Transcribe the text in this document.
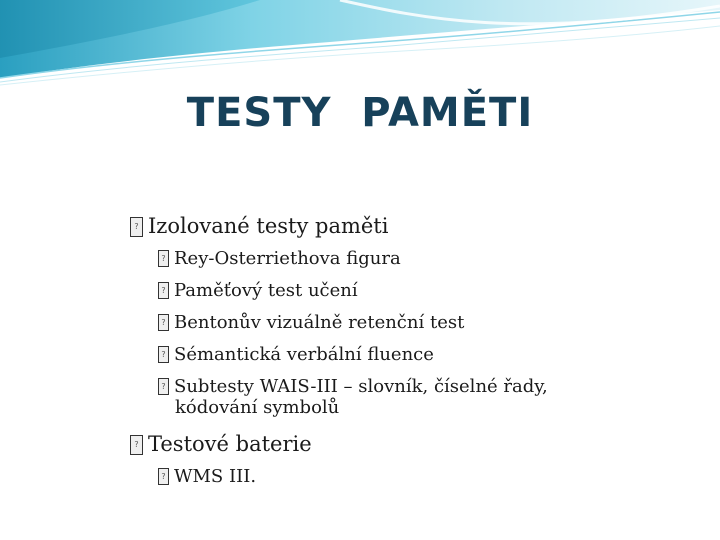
TESTY  PAMĚTI
?Izolované testy paměti
?Rey-Osterriethova figura
?Paměťový test učení
?Bentonův vizuálně retenční test
?Sémantická verbální fluence
?Subtesty WAIS-III – slovník, číselné řady,
kódování symbolů
?Testové baterie
?WMS III.
